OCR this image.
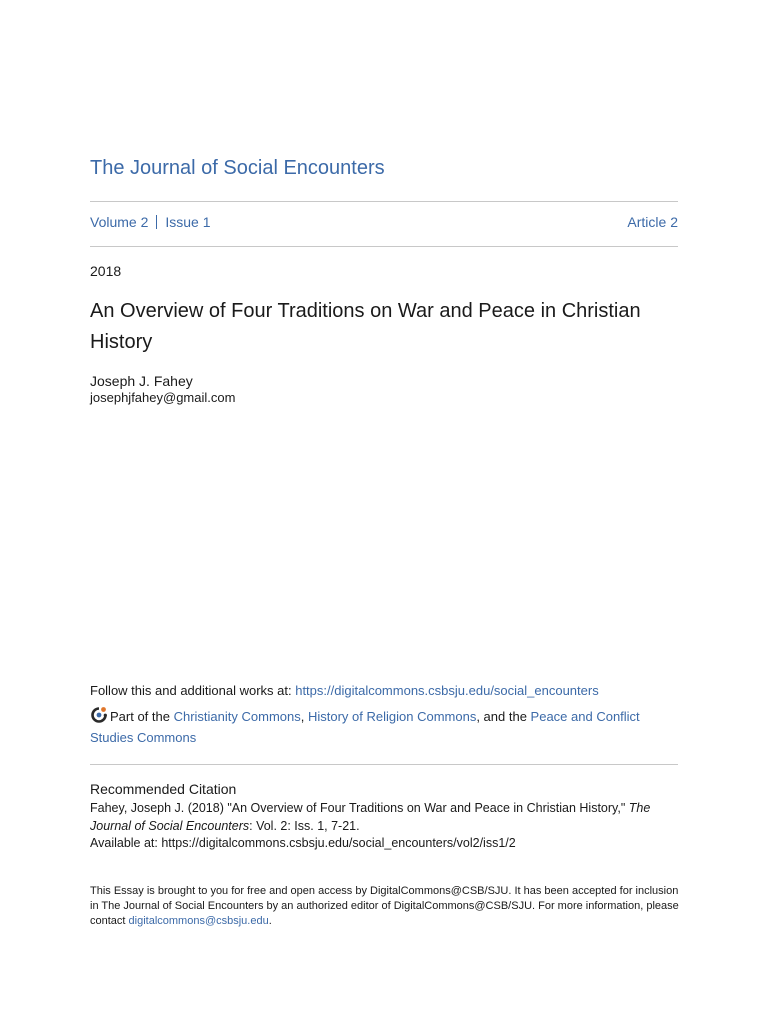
The Journal of Social Encounters
Volume 2 Issue 1	Article 2
2018
An Overview of Four Traditions on War and Peace in Christian History
Joseph J. Fahey
josephjfahey@gmail.com
Follow this and additional works at: https://digitalcommons.csbsju.edu/social_encounters
Part of the Christianity Commons, History of Religion Commons, and the Peace and Conflict Studies Commons
Recommended Citation
Fahey, Joseph J. (2018) "An Overview of Four Traditions on War and Peace in Christian History," The Journal of Social Encounters: Vol. 2: Iss. 1, 7-21.
Available at: https://digitalcommons.csbsju.edu/social_encounters/vol2/iss1/2
This Essay is brought to you for free and open access by DigitalCommons@CSB/SJU. It has been accepted for inclusion in The Journal of Social Encounters by an authorized editor of DigitalCommons@CSB/SJU. For more information, please contact digitalcommons@csbsju.edu.
